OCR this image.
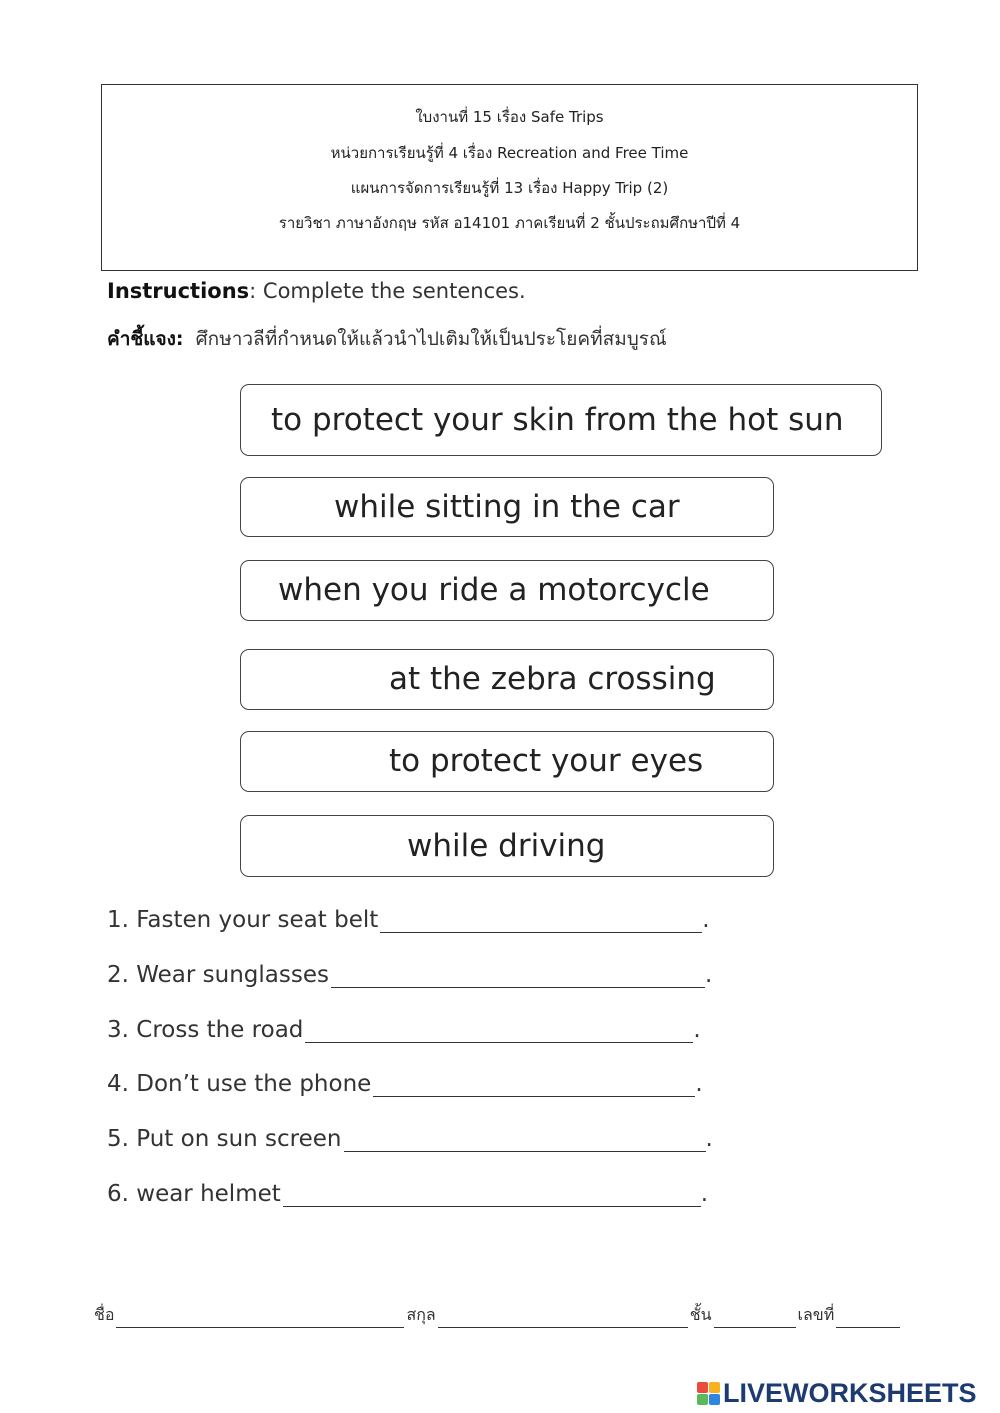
ใบงานที่ 15 เรื่อง Safe Trips
หน่วยการเรียนรู้ที่ 4 เรื่อง Recreation and Free Time
แผนการจัดการเรียนรู้ที่ 13 เรื่อง Happy Trip (2)
รายวิชา ภาษาอังกฤษ รหัส อ14101 ภาคเรียนที่ 2 ชั้นประถมศึกษาปีที่ 4
Instructions: Complete the sentences.
คำชี้แจง: ศึกษาวลีที่กำหนดให้แล้วนำไปเติมให้เป็นประโยคที่สมบูรณ์
to protect your skin from the hot sun
while sitting in the car
when you ride a motorcycle
at the zebra crossing
to protect your eyes
while driving
1. Fasten your seat belt	.
2. Wear sunglasses	.
3. Cross the road	.
4. Don’t use the phone	.
5. Put on sun screen	.
6. wear helmet	.
ชื่อ	สกุล	ชั้น	เลขที่
LIVEWORKSHEETS
